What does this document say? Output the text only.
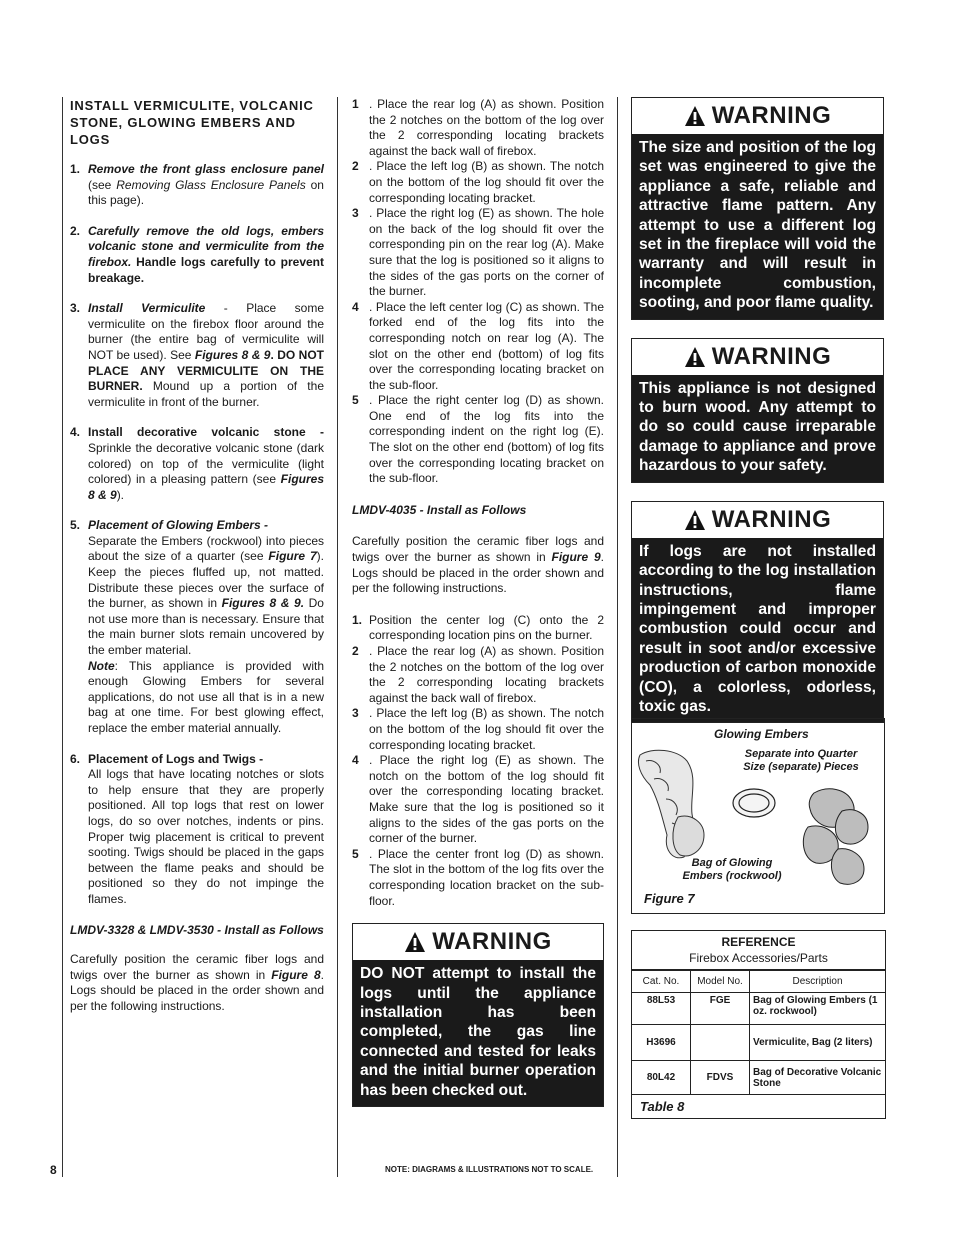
INSTALL VERMICULITE, VOLCANIC STONE, GLOWING EMBERS AND LOGS
1. Remove the front glass enclosure panel (see Removing Glass Enclosure Panels on this page).
2. Carefully remove the old logs, embers volcanic stone and vermiculite from the firebox. Handle logs carefully to prevent breakage.
3. Install Vermiculite - Place some vermiculite on the firebox floor around the burner (the entire bag of vermiculite will NOT be used). See Figures 8 & 9. DO NOT PLACE ANY VERMICULITE ON THE BURNER. Mound up a portion of the vermiculite in front of the burner.
4. Install decorative volcanic stone - Sprinkle the decorative volcanic stone (dark colored) on top of the vermiculite (light colored) in a pleasing pattern (see Figures 8 & 9).
5. Placement of Glowing Embers -
Separate the Embers (rockwool) into pieces about the size of a quarter (see Figure 7). Keep the pieces fluffed up, not matted. Distribute these pieces over the surface of the burner, as shown in Figures 8 & 9. Do not use more than is necessary. Ensure that the main burner slots remain uncovered by the ember material.
Note: This appliance is provided with enough Glowing Embers for several applications, do not use all that is in a new bag at one time. For best glowing effect, replace the ember material annually.
6. Placement of Logs and Twigs -
All logs that have locating notches or slots to help ensure that they are properly positioned. All top logs that rest on lower logs, do so over notches, indents or pins. Proper twig placement is critical to prevent sooting. Twigs should be placed in the gaps between the flame peaks and should be positioned so they do not impinge the flames.
LMDV-3328 & LMDV-3530 - Install as Follows

Carefully position the ceramic fiber logs and twigs over the burner as shown in Figure 8. Logs should be placed in the order shown and per the following instructions.

1 . Place the rear log (A) as shown. Position the 2 notches on the bottom of the log over the 2 corresponding locating brackets against the back wall of firebox.
2 . Place the left log (B) as shown. The notch on the bottom of the log should fit over the corresponding locating bracket.
3 . Place the right log (E) as shown. The hole on the back of the log should fit over the corresponding pin on the rear log (A). Make sure that the log is positioned so it aligns to the sides of the gas ports on the corner of the burner.
4 . Place the left center log (C) as shown. The forked end of the log fits into the corresponding notch on rear log (A). The slot on the other end (bottom) of log fits over the corresponding locating bracket on the sub-floor.
5 . Place the right center log (D) as shown. One end of the log fits into the corresponding indent on the right log (E). The slot on the other end (bottom) of log fits over the corresponding locating bracket on the sub-floor.
LMDV-4035 - Install as Follows

Carefully position the ceramic fiber logs and twigs over the burner as shown in Figure 9. Logs should be placed in the order shown and per the following instructions.

1. Position the center log (C) onto the 2 corresponding location pins on the burner.
2 . Place the rear log (A) as shown. Position the 2 notches on the bottom of the log over the 2 corresponding locating brackets against the back wall of firebox.
3 . Place the left log (B) as shown. The notch on the bottom of the log should fit over the corresponding locating bracket.
4 . Place the right log (E) as shown. The notch on the bottom of the log should fit over the corresponding locating bracket. Make sure that the log is positioned so it aligns to the sides of the gas ports on the corner of the burner.
5 . Place the center front log (D) as shown. The slot in the bottom of the log fits over the corresponding location bracket on the sub-floor.
WARNING
DO NOT attempt to install the logs until the appliance installation has been completed, the gas line connected and tested for leaks and the initial burner operation has been checked out.
WARNING
The size and position of the log set was engineered to give the appliance a safe, reliable and attractive flame pattern. Any attempt to use a different log set in the fireplace will void the warranty and will result in incomplete combustion, sooting, and poor flame quality.
WARNING
This appliance is not designed to burn wood. Any attempt to do so could cause irreparable damage to appliance and prove hazardous to your safety.
WARNING
If logs are not installed according to the log installation instructions, flame impingement and improper combustion could occur and result in soot and/or excessive production of carbon monoxide (CO), a colorless, odorless, toxic gas.
Glowing Embers
Separate into Quarter Size (separate) Pieces
Bag of Glowing Embers (rockwool)
Figure 7
REFERENCE
Firebox Accessories/Parts
Cat. No.	Model No.	Description
88L53	FGE	Bag of Glowing Embers (1 oz. rockwool)
H3696		Vermiculite, Bag (2 liters)
80L42	FDVS	Bag of Decorative Volcanic Stone
Table 8
8	NOTE: DIAGRAMS & ILLUSTRATIONS NOT TO SCALE.
